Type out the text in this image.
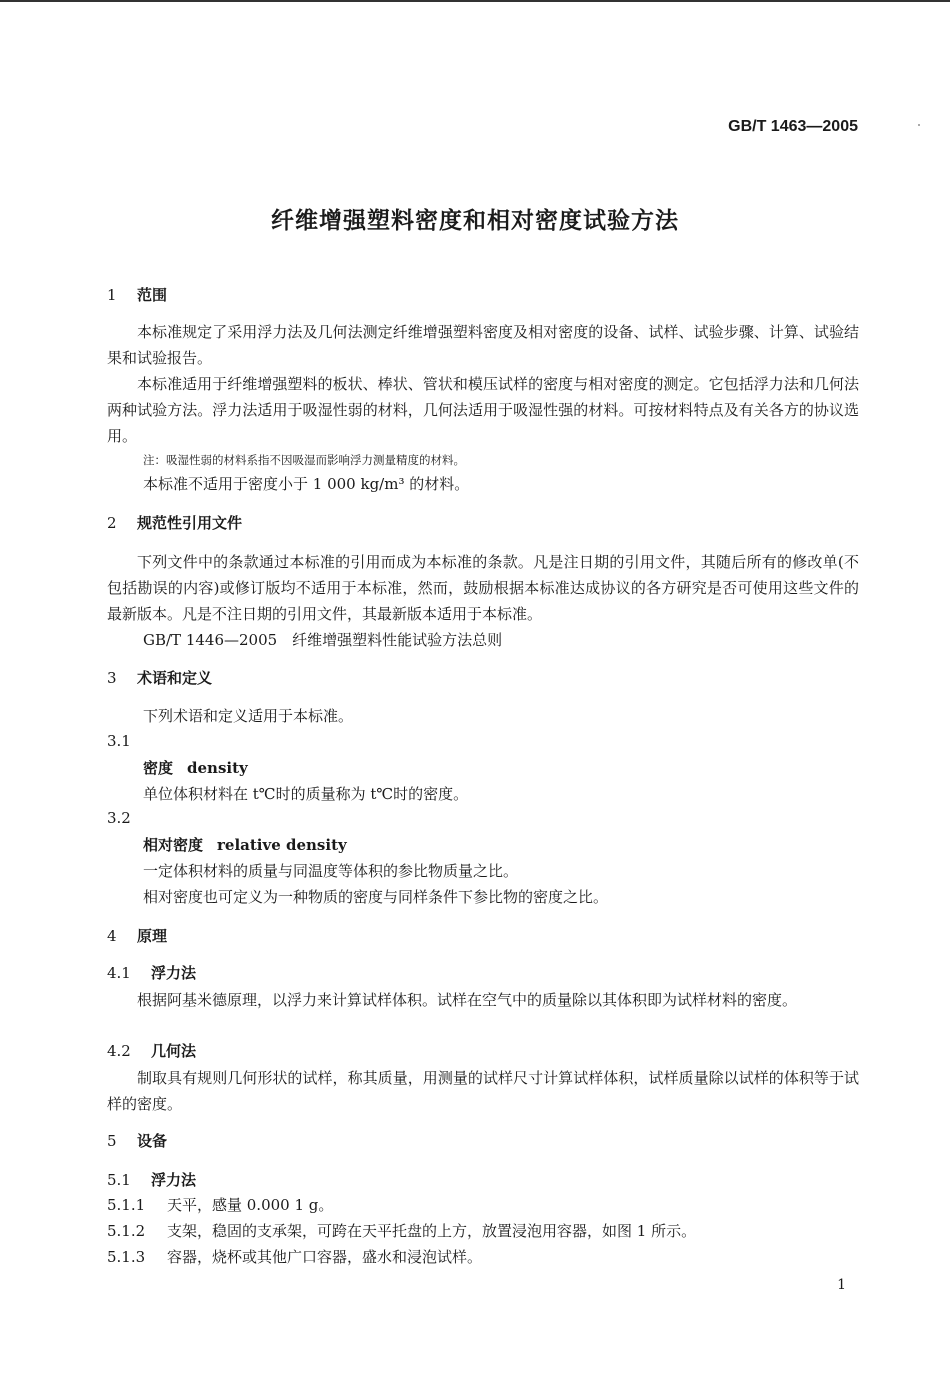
GB/T 1463—2005
纤维增强塑料密度和相对密度试验方法
1 范围
本标准规定了采用浮力法及几何法测定纤维增强塑料密度及相对密度的设备、试样、试验步骤、计算、试验结果和试验报告。
本标准适用于纤维增强塑料的板状、棒状、管状和模压试样的密度与相对密度的测定。它包括浮力法和几何法两种试验方法。浮力法适用于吸湿性弱的材料，几何法适用于吸湿性强的材料。可按材料特点及有关各方的协议选用。
注：吸湿性弱的材料系指不因吸湿而影响浮力测量精度的材料。
本标准不适用于密度小于 1 000 kg/m³ 的材料。
2 规范性引用文件
下列文件中的条款通过本标准的引用而成为本标准的条款。凡是注日期的引用文件，其随后所有的修改单(不包括勘误的内容)或修订版均不适用于本标准，然而，鼓励根据本标准达成协议的各方研究是否可使用这些文件的最新版本。凡是不注日期的引用文件，其最新版本适用于本标准。
GB/T 1446—2005　纤维增强塑料性能试验方法总则
3 术语和定义
下列术语和定义适用于本标准。
3.1
密度 density
单位体积材料在 t℃时的质量称为 t℃时的密度。
3.2
相对密度 relative density
一定体积材料的质量与同温度等体积的参比物质量之比。
相对密度也可定义为一种物质的密度与同样条件下参比物的密度之比。
4 原理
4.1 浮力法
根据阿基米德原理，以浮力来计算试样体积。试样在空气中的质量除以其体积即为试样材料的密度。
4.2 几何法
制取具有规则几何形状的试样，称其质量，用测量的试样尺寸计算试样体积，试样质量除以试样的体积等于试样的密度。
5 设备
5.1 浮力法
5.1.1 天平，感量 0.000 1 g。
5.1.2 支架，稳固的支承架，可跨在天平托盘的上方，放置浸泡用容器，如图 1 所示。
5.1.3 容器，烧杯或其他广口容器，盛水和浸泡试样。
1
